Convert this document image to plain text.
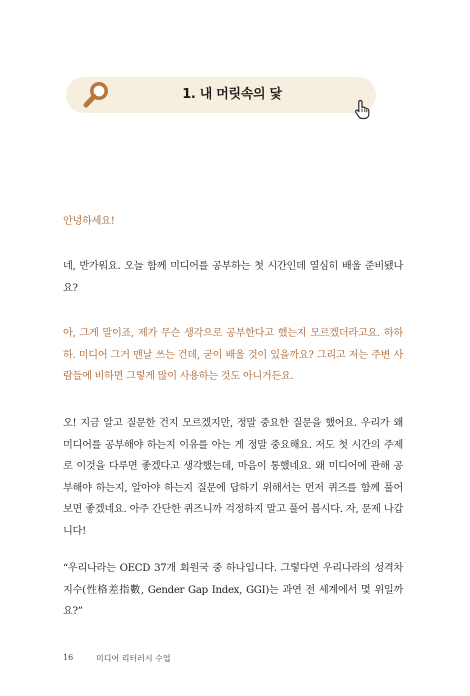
1. 내 머릿속의 닻

안녕하세요!

네, 반가워요. 오늘 함께 미디어를 공부하는 첫 시간인데 열심히 배울 준비됐나요?

아, 그게 말이죠, 제가 무슨 생각으로 공부한다고 했는지 모르겠더라고요. 하하하. 미디어 그거 맨날 쓰는 건데, 굳이 배울 것이 있을까요? 그리고 저는 주변 사람들에 비하면 그렇게 많이 사용하는 것도 아니거든요.

오! 지금 알고 질문한 건지 모르겠지만, 정말 중요한 질문을 했어요. 우리가 왜 미디어를 공부해야 하는지 이유를 아는 게 정말 중요해요. 저도 첫 시간의 주제로 이것을 다루면 좋겠다고 생각했는데, 마음이 통했네요. 왜 미디어에 관해 공부해야 하는지, 알아야 하는지 질문에 답하기 위해서는 먼저 퀴즈를 함께 풀어 보면 좋겠네요. 아주 간단한 퀴즈니까 걱정하지 말고 풀어 봅시다. 자, 문제 나갑니다!

“우리나라는 OECD 37개 회원국 중 하나입니다. 그렇다면 우리나라의 성격차 지수(性格差指數, Gender Gap Index, GGI)는 과연 전 세계에서 몇 위일까요?”

16	미디어 리터러시 수업
